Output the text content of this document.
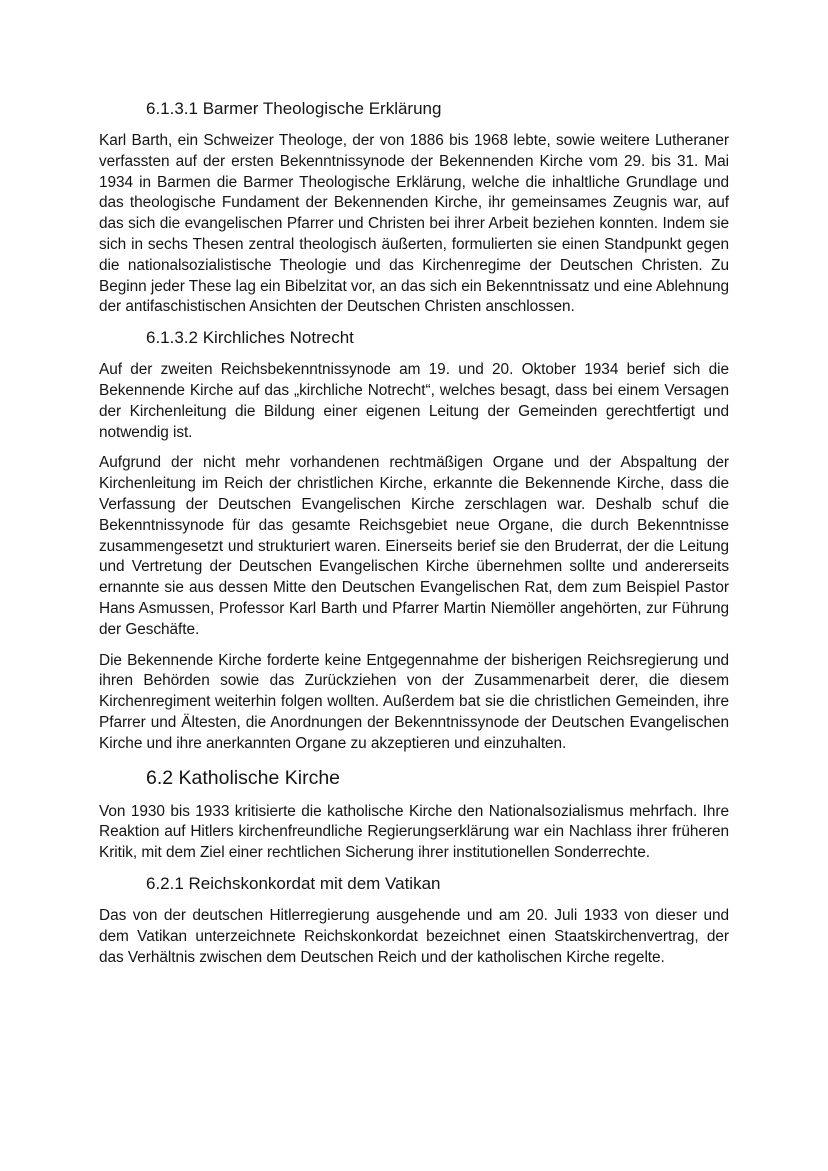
6.1.3.1 Barmer Theologische Erklärung

Karl Barth, ein Schweizer Theologe, der von 1886 bis 1968 lebte, sowie weitere Lutheraner verfassten auf der ersten Bekenntnissynode der Bekennenden Kirche vom 29. bis 31. Mai 1934 in Barmen die Barmer Theologische Erklärung, welche die inhaltliche Grundlage und das theologische Fundament der Bekennenden Kirche, ihr gemeinsames Zeugnis war, auf das sich die evangelischen Pfarrer und Christen bei ihrer Arbeit beziehen konnten. Indem sie sich in sechs Thesen zentral theologisch äußerten, formulierten sie einen Standpunkt gegen die nationalsozialistische Theologie und das Kirchenregime der Deutschen Christen. Zu Beginn jeder These lag ein Bibelzitat vor, an das sich ein Bekenntnissatz und eine Ablehnung der antifaschistischen Ansichten der Deutschen Christen anschlossen.

6.1.3.2 Kirchliches Notrecht

Auf der zweiten Reichsbekenntnissynode am 19. und 20. Oktober 1934 berief sich die Bekennende Kirche auf das „kirchliche Notrecht“, welches besagt, dass bei einem Versagen der Kirchenleitung die Bildung einer eigenen Leitung der Gemeinden gerechtfertigt und notwendig ist.

Aufgrund der nicht mehr vorhandenen rechtmäßigen Organe und der Abspaltung der Kirchenleitung im Reich der christlichen Kirche, erkannte die Bekennende Kirche, dass die Verfassung der Deutschen Evangelischen Kirche zerschlagen war. Deshalb schuf die Bekenntnissynode für das gesamte Reichsgebiet neue Organe, die durch Bekenntnisse zusammengesetzt und strukturiert waren. Einerseits berief sie den Bruderrat, der die Leitung und Vertretung der Deutschen Evangelischen Kirche übernehmen sollte und andererseits ernannte sie aus dessen Mitte den Deutschen Evangelischen Rat, dem zum Beispiel Pastor Hans Asmussen, Professor Karl Barth und Pfarrer Martin Niemöller angehörten, zur Führung der Geschäfte.

Die Bekennende Kirche forderte keine Entgegennahme der bisherigen Reichsregierung und ihren Behörden sowie das Zurückziehen von der Zusammenarbeit derer, die diesem Kirchenregiment weiterhin folgen wollten. Außerdem bat sie die christlichen Gemeinden, ihre Pfarrer und Ältesten, die Anordnungen der Bekenntnissynode der Deutschen Evangelischen Kirche und ihre anerkannten Organe zu akzeptieren und einzuhalten.

6.2 Katholische Kirche

Von 1930 bis 1933 kritisierte die katholische Kirche den Nationalsozialismus mehrfach. Ihre Reaktion auf Hitlers kirchenfreundliche Regierungserklärung war ein Nachlass ihrer früheren Kritik, mit dem Ziel einer rechtlichen Sicherung ihrer institutionellen Sonderrechte.

6.2.1 Reichskonkordat mit dem Vatikan

Das von der deutschen Hitlerregierung ausgehende und am 20. Juli 1933 von dieser und dem Vatikan unterzeichnete Reichskonkordat bezeichnet einen Staatskirchenvertrag, der das Verhältnis zwischen dem Deutschen Reich und der katholischen Kirche regelte.
